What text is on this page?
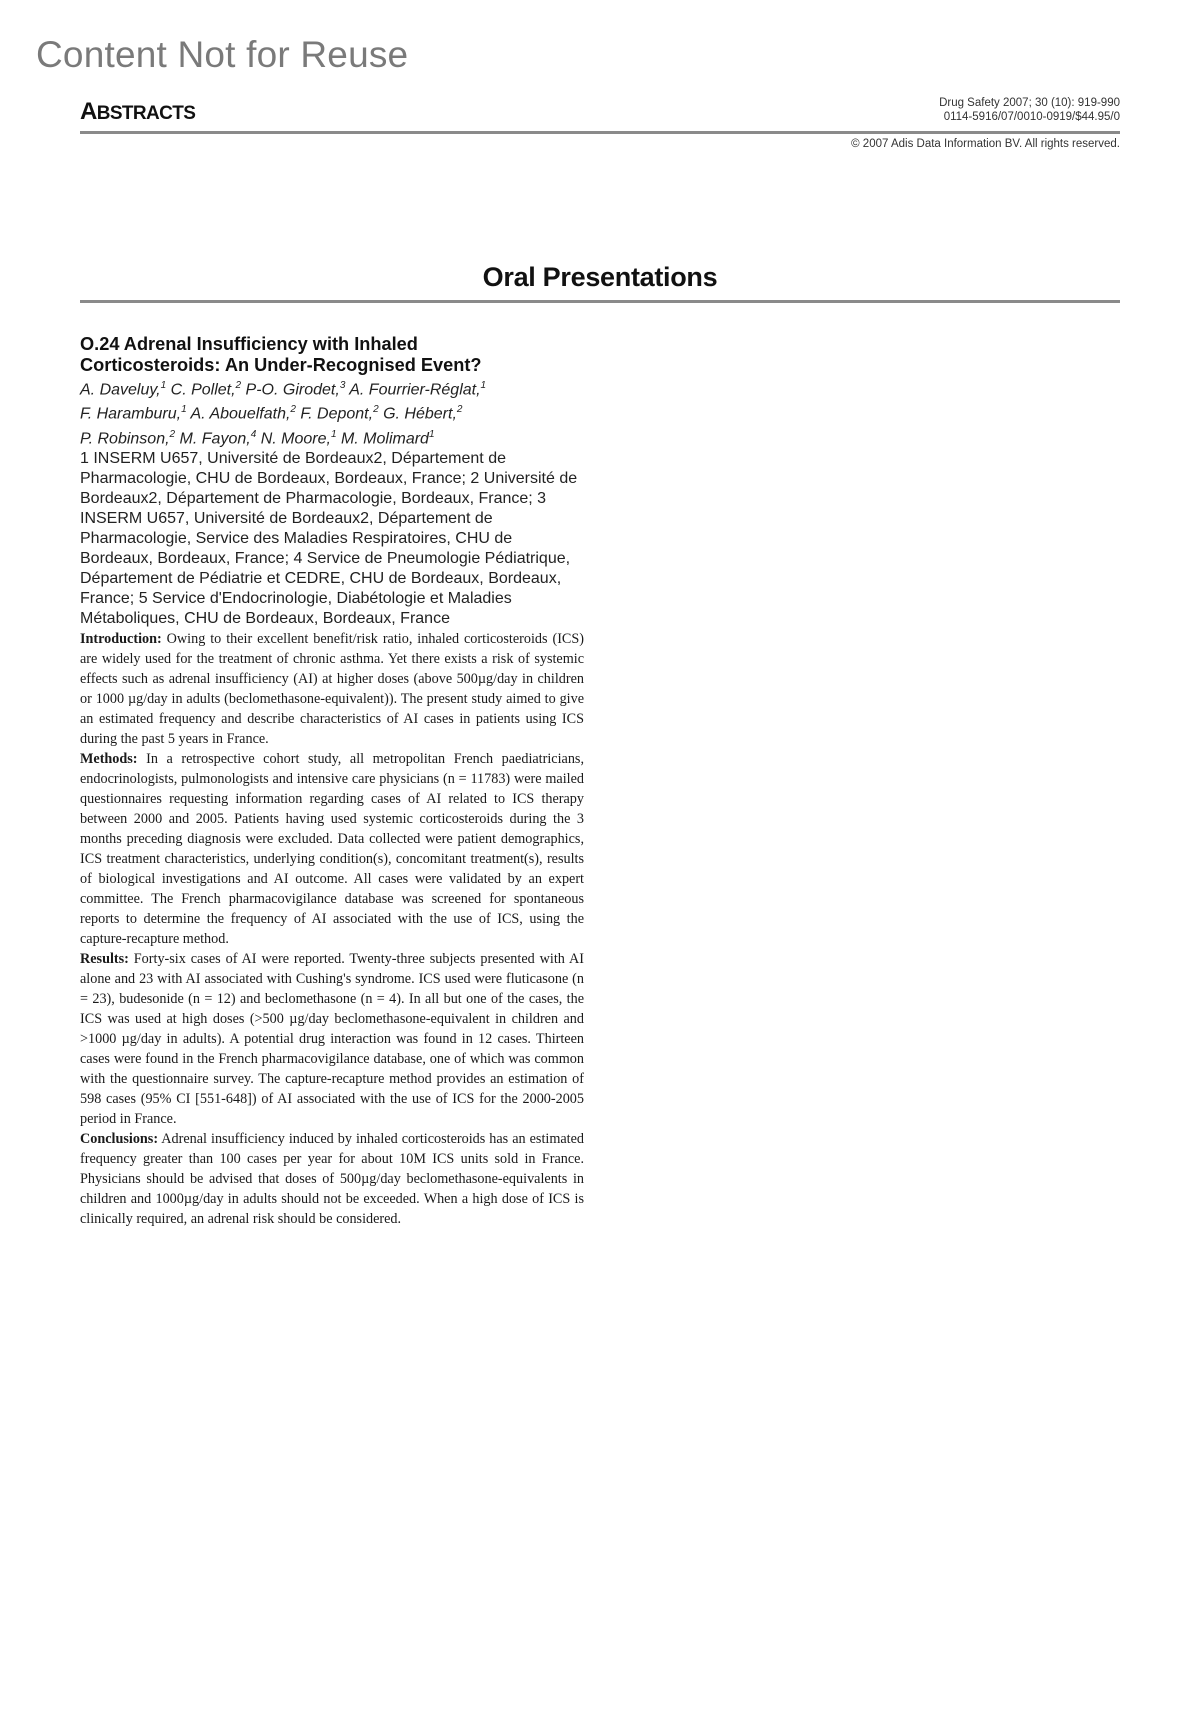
Content Not for Reuse
ABSTRACTS	Drug Safety 2007; 30 (10): 919-990
0114-5916/07/0010-0919/$44.95/0
© 2007 Adis Data Information BV. All rights reserved.
Oral Presentations

O.24 Adrenal Insufficiency with Inhaled
Corticosteroids: An Under-Recognised Event?

A. Daveluy,$^1$ C. Pollet,$^2$ P-O. Girodet,$^3$ A. Fourrier-Réglat,$^1$
F. Haramburu,$^1$ A. Abouelfath,$^2$ F. Depont,$^2$ G. Hébert,$^2$
P. Robinson,$^2$ M. Fayon,$^4$ N. Moore,$^1$ M. Molimard$^1$

1 INSERM U657, Université de Bordeaux2, Département de Pharmacologie, CHU de Bordeaux, Bordeaux, France; 2 Université de Bordeaux2, Département de Pharmacologie, Bordeaux, France; 3 INSERM U657, Université de Bordeaux2, Département de Pharmacologie, Service des Maladies Respiratoires, CHU de Bordeaux, Bordeaux, France; 4 Service de Pneumologie Pédiatrique, Département de Pédiatrie et CEDRE, CHU de Bordeaux, Bordeaux, France; 5 Service d'Endocrinologie, Diabétologie et Maladies Métaboliques, CHU de Bordeaux, Bordeaux, France

Introduction: Owing to their excellent benefit/risk ratio, inhaled corticosteroids (ICS) are widely used for the treatment of chronic asthma. Yet there exists a risk of systemic effects such as adrenal insufficiency (AI) at higher doses (above 500µg/day in children or 1000 µg/day in adults (beclomethasone-equivalent)). The present study aimed to give an estimated frequency and describe characteristics of AI cases in patients using ICS during the past 5 years in France.

Methods: In a retrospective cohort study, all metropolitan French paediatricians, endocrinologists, pulmonologists and intensive care physicians (n = 11783) were mailed questionnaires requesting information regarding cases of AI related to ICS therapy between 2000 and 2005. Patients having used systemic corticosteroids during the 3 months preceding diagnosis were excluded. Data collected were patient demographics, ICS treatment characteristics, underlying condition(s), concomitant treatment(s), results of biological investigations and AI outcome. All cases were validated by an expert committee. The French pharmacovigilance database was screened for spontaneous reports to determine the frequency of AI associated with the use of ICS, using the capture-recapture method.

Results: Forty-six cases of AI were reported. Twenty-three subjects presented with AI alone and 23 with AI associated with Cushing's syndrome. ICS used were fluticasone (n = 23), budesonide (n = 12) and beclomethasone (n = 4). In all but one of the cases, the ICS was used at high doses (>500 µg/day beclomethasone-equivalent in children and >1000 µg/day in adults). A potential drug interaction was found in 12 cases. Thirteen cases were found in the French pharmacovigilance database, one of which was common with the questionnaire survey. The capture-recapture method provides an estimation of 598 cases (95% CI [551-648]) of AI associated with the use of ICS for the 2000-2005 period in France.

Conclusions: Adrenal insufficiency induced by inhaled corticosteroids has an estimated frequency greater than 100 cases per year for about 10M ICS units sold in France. Physicians should be advised that doses of 500µg/day beclomethasone-equivalents in children and 1000µg/day in adults should not be exceeded. When a high dose of ICS is clinically required, an adrenal risk should be considered.
